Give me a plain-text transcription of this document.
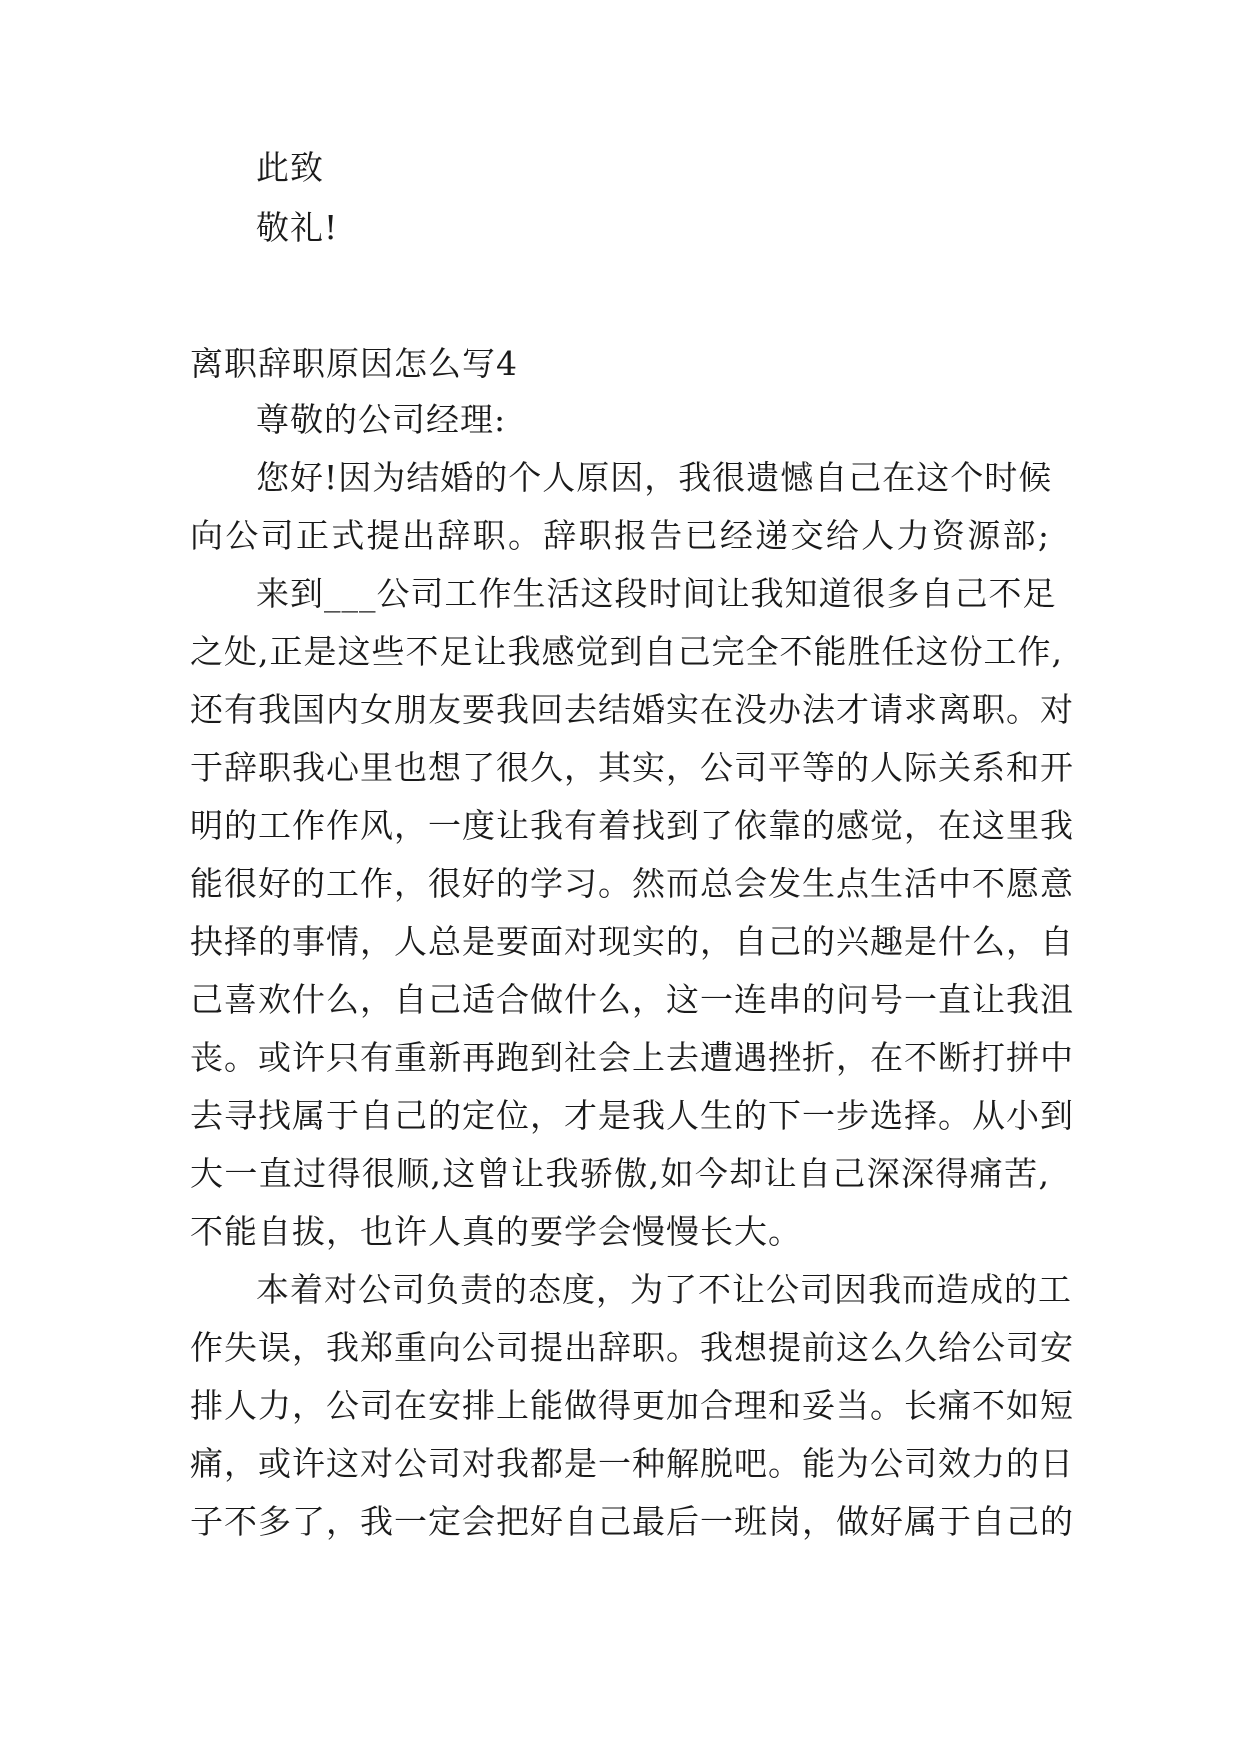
此致
敬礼!
离职辞职原因怎么写4
尊敬的公司经理:
您好!因为结婚的个人原因，我很遗憾自己在这个时候
向公司正式提出辞职。辞职报告已经递交给人力资源部;
来到___公司工作生活这段时间让我知道很多自己不足
之处,正是这些不足让我感觉到自己完全不能胜任这份工作,
还有我国内女朋友要我回去结婚实在没办法才请求离职。对
于辞职我心里也想了很久，其实，公司平等的人际关系和开
明的工作作风，一度让我有着找到了依靠的感觉，在这里我
能很好的工作，很好的学习。然而总会发生点生活中不愿意
抉择的事情，人总是要面对现实的，自己的兴趣是什么，自
己喜欢什么，自己适合做什么，这一连串的问号一直让我沮
丧。或许只有重新再跑到社会上去遭遇挫折，在不断打拼中
去寻找属于自己的定位，才是我人生的下一步选择。从小到
大一直过得很顺,这曾让我骄傲,如今却让自己深深得痛苦,
不能自拔，也许人真的要学会慢慢长大。
本着对公司负责的态度，为了不让公司因我而造成的工
作失误，我郑重向公司提出辞职。我想提前这么久给公司安
排人力，公司在安排上能做得更加合理和妥当。长痛不如短
痛，或许这对公司对我都是一种解脱吧。能为公司效力的日
子不多了，我一定会把好自己最后一班岗，做好属于自己的
